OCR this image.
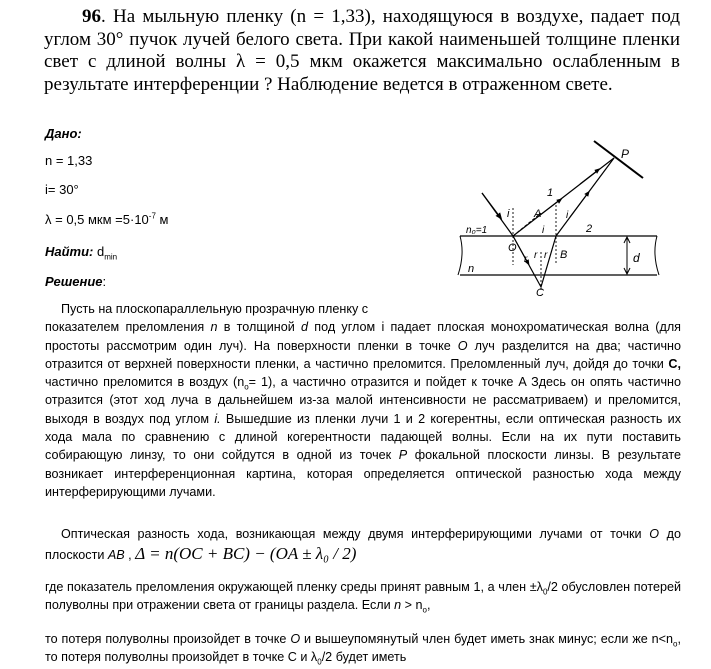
96. На мыльную пленку (n = 1,33), находящуюся в воздухе, падает под углом 30° пучок лучей белого света. При какой наименьшей толщине пленки свет с длиной волны λ = 0,5 мкм окажется максимально ослабленным в результате интерференции ? Наблюдение ведется в отраженном свете.
Дано:
n = 1,33
i= 30°
λ = 0,5 мкм $=5\cdot 10^{-7}$ м
Найти: $d_{min}$
Решение:
P
1
2
A
i
i
i
n₀=1
O
r r r B
n
d
C
Пусть на плоскопараллельную прозрачную пленку с
показателем преломления n в толщиной d под углом i падает плоская монохроматическая волна (для простоты рассмотрим один луч). На поверхности пленки в точке O луч разделится на два; частично отразится от верхней поверхности пленки, а частично преломится. Преломленный луч, дойдя до точки С, частично преломится в воздух $(n_o= 1)$, а частично отразится и пойдет к точке A Здесь он опять частично отразится (этот ход луча в дальнейшем из-за малой интенсивности не рассматриваем) и преломится, выходя в воздух под углом i. Вышедшие из пленки лучи 1 и 2 когерентны, если оптическая разность их хода мала по сравнению с длиной когерентности падающей волны. Если на их пути поставить собирающую линзу, то они сойдутся в одной из точек P фокальной плоскости линзы. В результате возникает интерференционная картина, которая определяется оптической разностью хода между интерферирующими лучами.
Оптическая разность хода, возникающая между двумя интерферирующими лучами от точки O до плоскости AB , Δ = n(OC + BC) − (OA ± λ₀ / 2)
где показатель преломления окружающей пленку среды принят равным 1, а член $\pm\lambda_0/2$ обусловлен потерей полуволны при отражении света от границы раздела. Если $n > n_o$,
то потеря полуволны произойдет в точке O и вышеупомянутый член будет иметь знак минус; если же $n<n_o$, то потеря полуволны произойдет в точке С и $\lambda_0/2$ будет иметь
